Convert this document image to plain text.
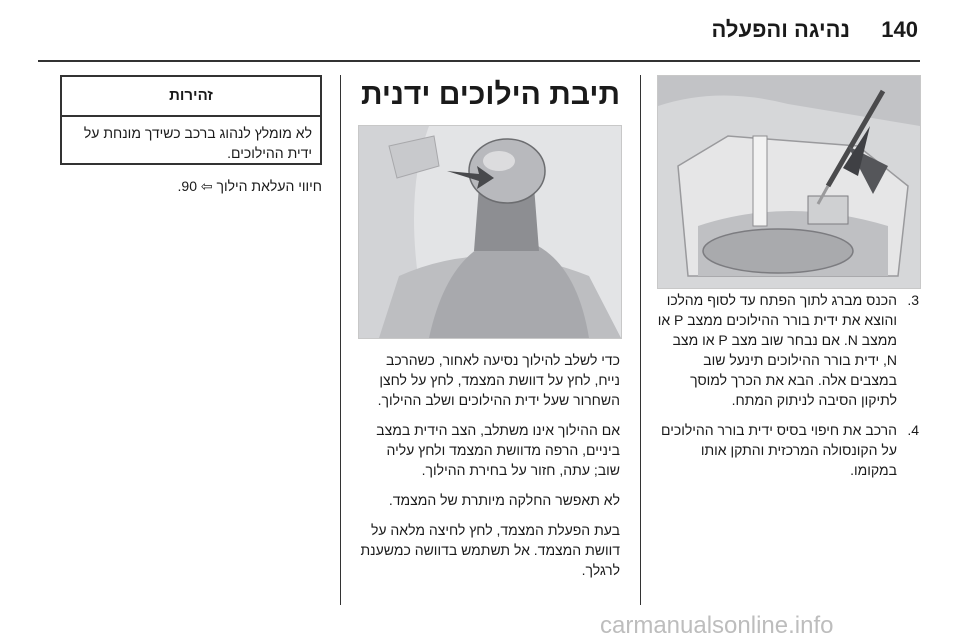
140
נהיגה והפעלה
3.
הכנס מברג לתוך הפתח עד לסוף מהלכו והוצא את ידית בורר ההילוכים ממצב P או ממצב N. אם נבחר שוב מצב P או מצב N, ידית בורר ההילוכים תינעל שוב במצבים אלה. הבא את הכרך למוסך לתיקון הסיבה לניתוק המתח.
4.
הרכב את חיפוי בסיס ידית בורר ההילוכים על הקונסולה המרכזית והתקן אותו במקומו.
תיבת הילוכים ידנית

כדי לשלב להילוך נסיעה לאחור, כשהרכב נייח, לחץ על דוושת המצמד, לחץ על לחצן השחרור שעל ידית ההילוכים ושלב ההילוך.

אם ההילוך אינו משתלב, הצב הידית במצב ביניים, הרפה מדוושת המצמד ולחץ עליה שוב; עתה, חזור על בחירת ההילוך.

לא תאפשר החלקה מיותרת של המצמד.

בעת הפעלת המצמד, לחץ לחיצה מלאה על דוושת המצמד. אל תשתמש בדוושה כמשענת לרגלך.

זהירות
לא מומלץ לנהוג ברכב כשידך מונחת על ידית ההילוכים.
חיווי העלאת הילוך ⇦ 90.
carmanualsonline.info
